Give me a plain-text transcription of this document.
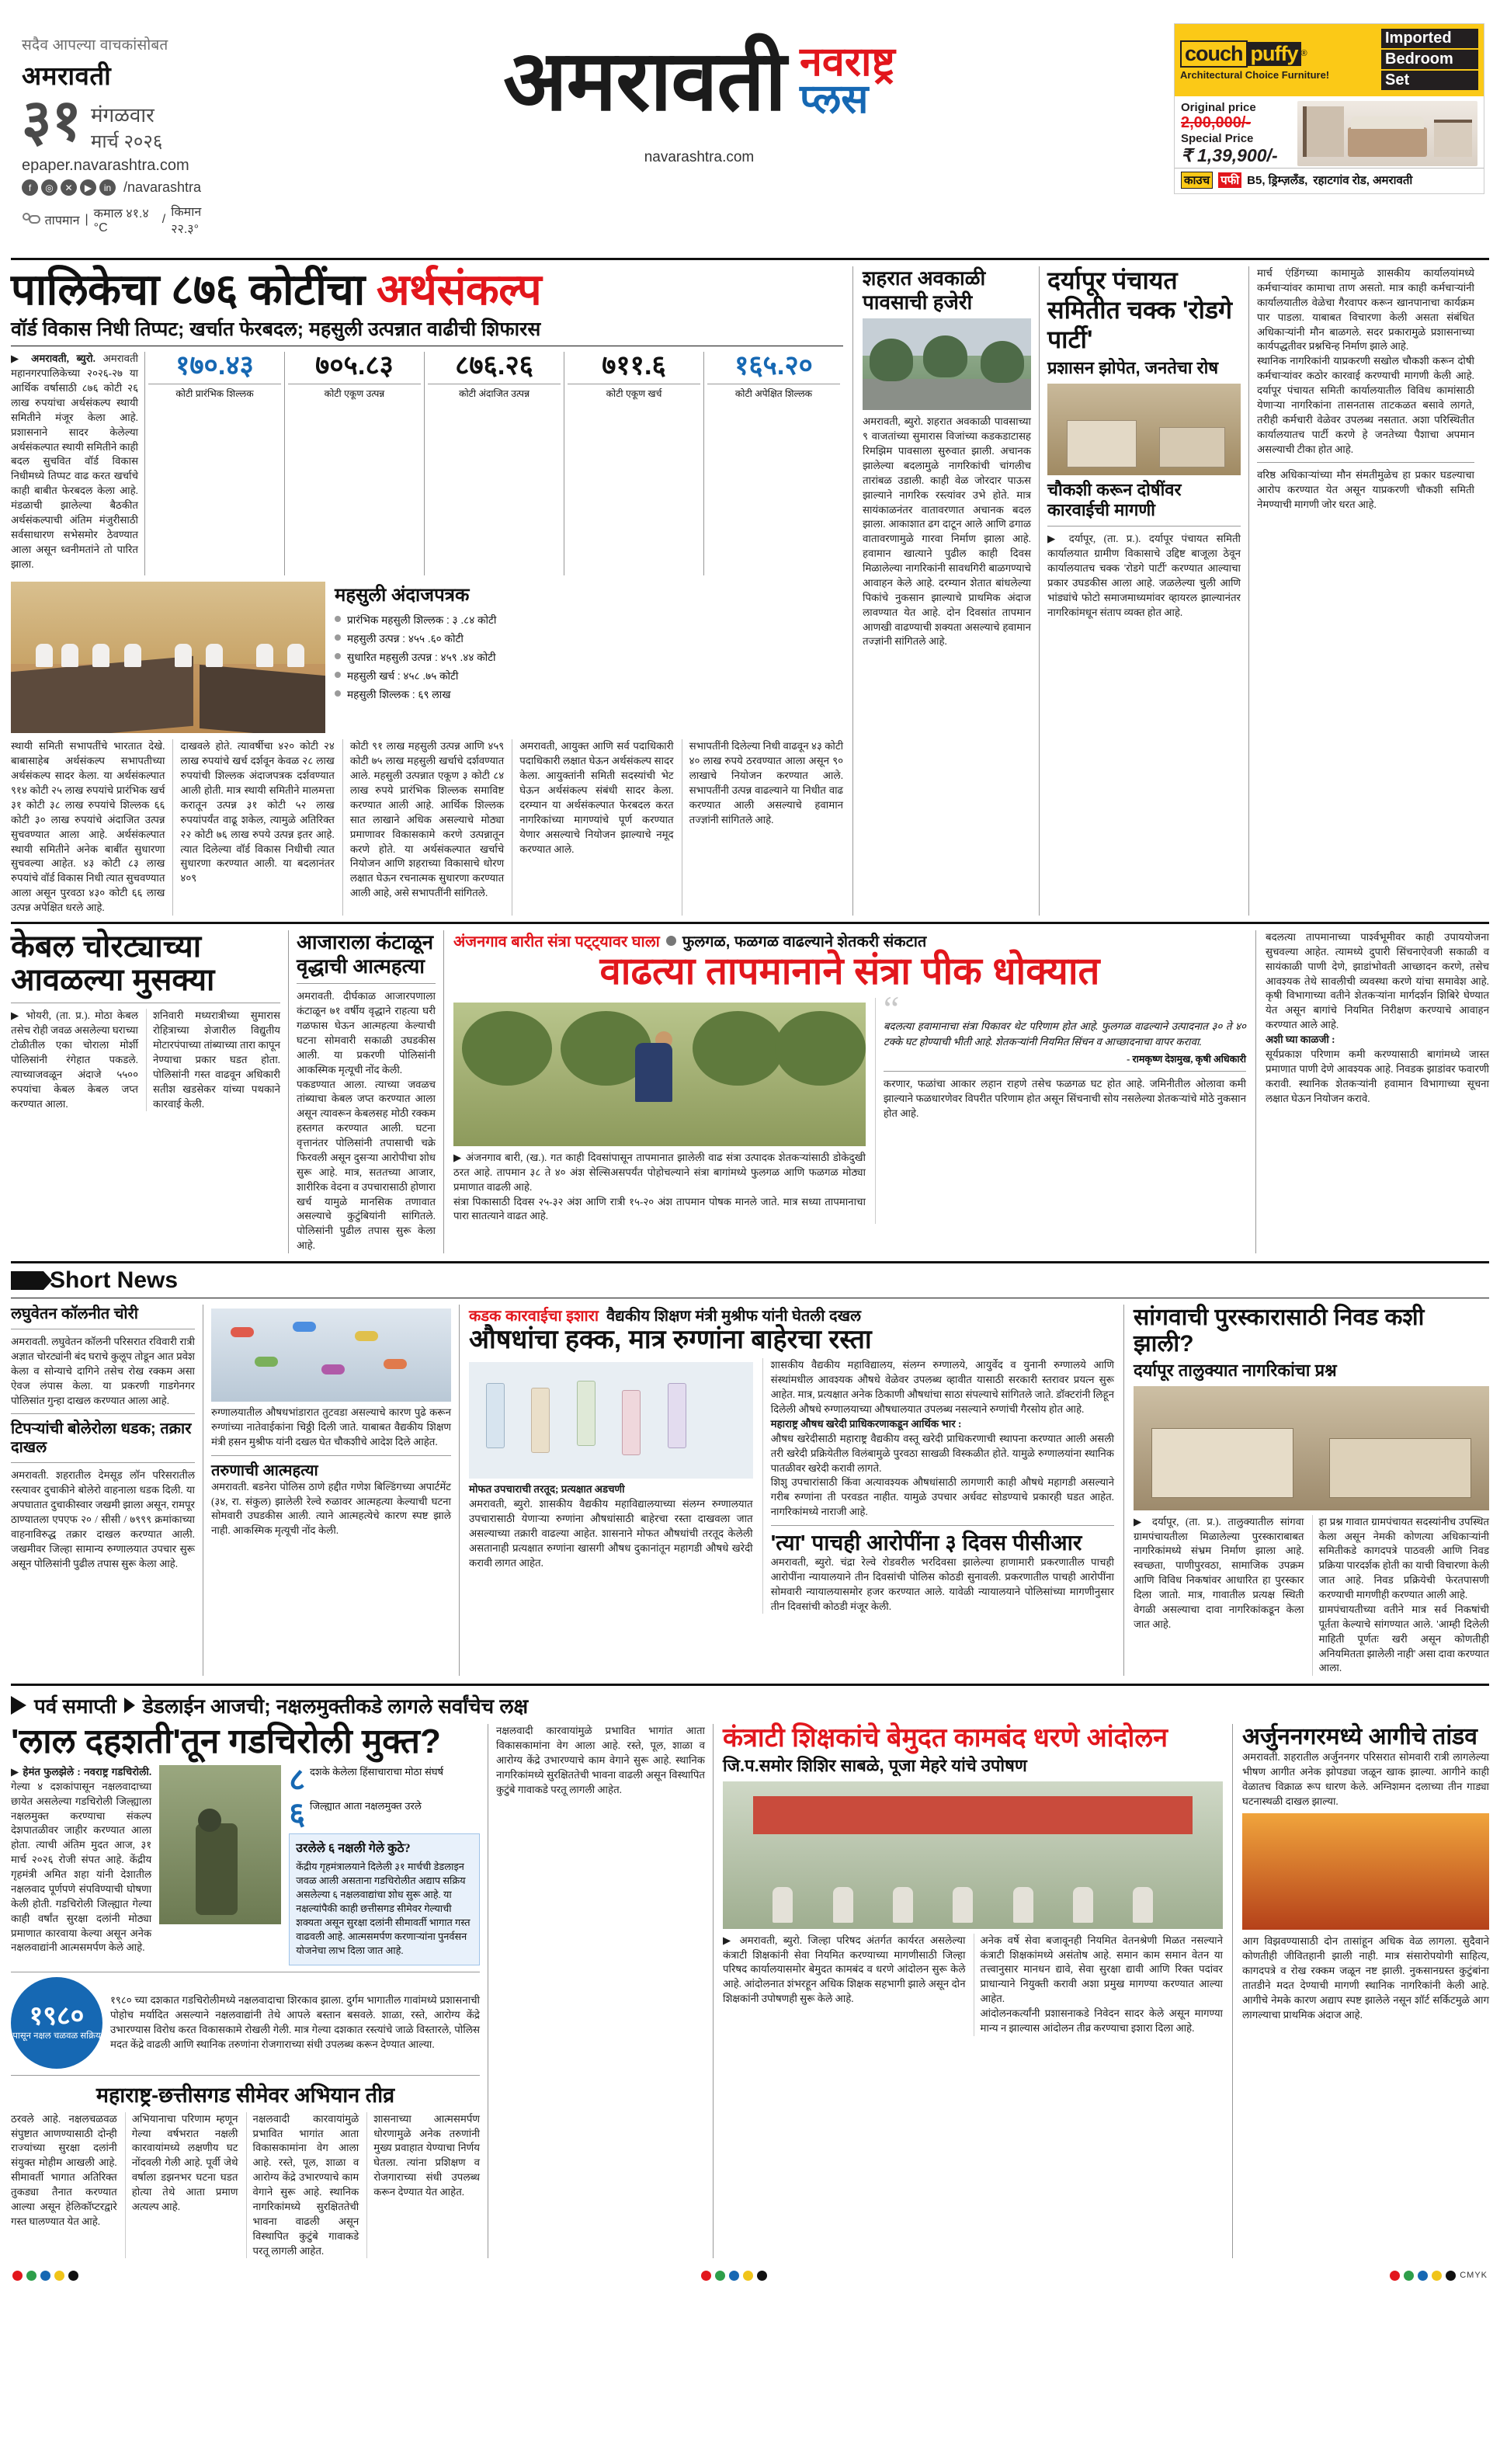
सदैव आपल्या वाचकांसोबत
अमरावती
३१ मंगळवार
मार्च २०२६
epaper.navarashtra.com
f	◎	✕	▶	in /navarashtra
तापमान | कमाल ४१.४ °C
/
किमान २२.३°
अमरावती नवराष्ट्र
प्लस
navarashtra.com
couch puffy ®
Architectural Choice Furniture!
Imported
Bedroom
Set
Original price
2,00,000/-
Special Price
₹ 1,39,900/-
काउच पफी B5, ड्रिम्ज़लँड, रहाटगांव रोड, अमरावती
पालिकेचा ८७६ कोटींचा अर्थसंकल्प
वॉर्ड विकास निधी तिप्पट; खर्चात फेरबदल; महसुली उत्पन्नात वाढीची शिफारस

▶ अमरावती, ब्युरो. अमरावती महानगरपालिकेच्या २०२६-२७ या आर्थिक वर्षासाठी ८७६ कोटी २६ लाख रुपयांचा अर्थसंकल्प स्थायी समितीने मंजूर केला आहे. प्रशासनाने सादर केलेल्या अर्थसंकल्पात स्थायी समितीने काही बदल सुचवित वॉर्ड विकास निधीमध्ये तिप्पट वाढ करत खर्चाचे काही बाबीत फेरबदल केला आहे. मंडळाची झालेल्या बैठकीत अर्थसंकल्पाची अंतिम मंजुरीसाठी सर्वसाधारण सभेसमोर ठेवण्यात आला असून ध्वनीमतांने तो पारित झाला.

१७०.४३
कोटी प्रारंभिक शिल्लक
७०५.८३
कोटी एकूण उत्पन्न
८७६.२६
कोटी अंदाजित उत्पन्न
७११.६
कोटी एकूण खर्च
१६५.२०
कोटी अपेक्षित शिल्लक
महसुली अंदाजपत्रक
प्रारंभिक महसुली शिल्लक : ३ .८४ कोटी
महसुली उत्पन्न : ४५५ .६० कोटी
सुधारित महसुली उत्पन्न : ४५९ .४४ कोटी
महसुली खर्च : ४५८ .७५ कोटी
महसुली शिल्लक : ६९ लाख
स्थायी समिती सभापतींचे भारतात देखे. बाबासाहेब अर्थसंकल्प सभापतीच्या अर्थसंकल्प सादर केला. या अर्थसंकल्पात ९१४ कोटी २५ लाख रुपयांचे प्रारंभिक खर्च ३१ कोटी ३८ लाख रुपयांचे शिल्लक ६६ कोटी ३० लाख रुपयांचे अंदाजित उत्पन्न सुचवण्यात आला आहे. अर्थसंकल्पात स्थायी समितीने अनेक बाबींत सुधारणा सुचवल्या आहेत. ४३ कोटी ८३ लाख रुपयांचे वॉर्ड विकास निधी त्यात सुचवण्यात आला असून पुरवठा ४३० कोटी ६६ लाख उत्पन्न अपेक्षित धरले आहे.
दाखवले होते. त्यावर्षीचा ४२० कोटी २४ लाख रुपयांचे खर्च दर्शवून केवळ २८ लाख रुपयांची शिल्लक अंदाजपत्रक दर्शवण्यात आली होती. मात्र स्थायी समितीने मालमत्ता करातून उत्पन्न ३१ कोटी ५२ लाख रुपयांपर्यंत वाढू शकेल, त्यामुळे अतिरिक्त २२ कोटी ७६ लाख रुपये उत्पन्न इतर आहे. त्यात दिलेल्या वॉर्ड विकास निधीची त्यात सुधारणा करण्यात आली. या बदलानंतर ४०९
कोटी ९१ लाख महसुली उत्पन्न आणि ४५९ कोटी ७५ लाख महसुली खर्चाचे दर्शवण्यात आले. महसुली उत्पन्नात एकूण ३ कोटी ८४ लाख रुपये प्रारंभिक शिल्लक समाविष्ट करण्यात आली आहे. आर्थिक शिल्लक सात लाखाने अधिक असल्याचे मोठ्या प्रमाणावर विकासकामे करणे उत्पन्नातून करणे होते. या अर्थसंकल्पात खर्चाचे नियोजन आणि शहराच्या विकासाचे धोरण लक्षात घेऊन रचनात्मक सुधारणा करण्यात आली आहे, असे सभापतींनी सांगितले.
अमरावती, आयुक्त आणि सर्व पदाधिकारी पदाधिकारी लक्षात घेऊन अर्थसंकल्प सादर केला. आयुक्तांनी समिती सदस्यांची भेट घेऊन अर्थसंकल्प संबंधी सादर केला. दरम्यान या अर्थसंकल्पात फेरबदल करत नागरिकांच्या मागण्यांचे पूर्ण करण्यात येणार असल्याचे नियोजन झाल्याचे नमूद करण्यात आले.
सभापतींनी दिलेल्या निधी वाढवून ४३ कोटी ४० लाख रुपये ठरवण्यात आला असून ९० लाखाचे नियोजन करण्यात आले. सभापतींनी उत्पन्न वाढल्याने या निधीत वाढ करण्यात आली असल्याचे हवामान तज्ज्ञांनी सांगितले आहे.
शहरात अवकाळी पावसाची हजेरी
अमरावती, ब्युरो. शहरात अवकाळी पावसाच्या ९ वाजतांच्या सुमारास विजांच्या कडकडाटासह रिमझिम पावसाला सुरुवात झाली. अचानक झालेल्या बदलामुळे नागरिकांची चांगलीच तारांबळ उडाली. काही वेळ जोरदार पाऊस झाल्याने नागरिक रस्त्यांवर उभे होते. मात्र सायंकाळनंतर वातावरणात अचानक बदल झाला. आकाशात ढग दाटून आले आणि ढगाळ वातावरणामुळे गारवा निर्माण झाला आहे. हवामान खात्याने पुढील काही दिवस मिळालेल्या नागरिकांनी सावधगिरी बाळगण्याचे आवाहन केले आहे. दरम्यान शेतात बांधलेल्या पिकांचे नुकसान झाल्याचे प्राथमिक अंदाज लावण्यात येत आहे. दोन दिवसांत तापमान आणखी वाढण्याची शक्यता असल्याचे हवामान तज्ज्ञांनी सांगितले आहे.
दर्यापूर पंचायत समितीत चक्क 'रोडगे पार्टी'
प्रशासन झोपेत, जनतेचा रोष
चौकशी करून दोषींवर कारवाईची मागणी
▶ दर्यापूर, (ता. प्र.). दर्यापूर पंचायत समिती कार्यालयात ग्रामीण विकासाचे उद्दिष्ट बाजूला ठेवून कार्यालयातच चक्क 'रोडगे पार्टी' करण्यात आल्याचा प्रकार उघडकीस आला आहे. जळलेल्या चुली आणि भांड्यांचे फोटो समाजमाध्यमांवर व्हायरल झाल्यानंतर नागरिकांमधून संताप व्यक्त होत आहे.
मार्च एंडिंगच्या कामामुळे शासकीय कार्यालयांमध्ये कर्मचाऱ्यांवर कामाचा ताण असतो. मात्र काही कर्मचाऱ्यांनी कार्यालयातील वेळेचा गैरवापर करून खानपानाचा कार्यक्रम पार पाडला. याबाबत विचारणा केली असता संबंधित अधिकाऱ्यांनी मौन बाळगले. सदर प्रकारामुळे प्रशासनाच्या कार्यपद्धतीवर प्रश्नचिन्ह निर्माण झाले आहे.
स्थानिक नागरिकांनी याप्रकरणी सखोल चौकशी करून दोषी कर्मचाऱ्यांवर कठोर कारवाई करण्याची मागणी केली आहे. दर्यापूर पंचायत समिती कार्यालयातील विविध कामांसाठी येणाऱ्या नागरिकांना तासनतास ताटकळत बसावे लागते, तरीही कर्मचारी वेळेवर उपलब्ध नसतात. अशा परिस्थितीत कार्यालयातच पार्टी करणे हे जनतेच्या पैशाचा अपमान असल्याची टीका होत आहे.
वरिष्ठ अधिकाऱ्यांच्या मौन संमतीमुळेच हा प्रकार घडल्याचा आरोप करण्यात येत असून याप्रकरणी चौकशी समिती नेमण्याची मागणी जोर धरत आहे.
केबल चोरट्याच्या आवळल्या मुसक्या
▶ भोयरी, (ता. प्र.). मोठा केबल तसेच रोही जवळ असलेल्या घराच्या टोळीतील एका चोराला मोर्शी पोलिसांनी रंगेहात पकडले. त्याच्याजवळून अंदाजे ५५०० रुपयांचा केबल केबल जप्त करण्यात आला.
शनिवारी मध्यरात्रीच्या सुमारास रोहित्राच्या शेजारील विद्युतीय मोटारपंपाच्या तांब्याच्या तारा कापून नेण्याचा प्रकार घडत होता. पोलिसांनी गस्त वाढवून अधिकारी सतीश खडसेकर यांच्या पथकाने कारवाई केली.
आजाराला कंटाळून वृद्धाची आत्महत्या
अमरावती. दीर्घकाळ आजारपणाला कंटाळून ७१ वर्षीय वृद्धाने राहत्या घरी गळफास घेऊन आत्महत्या केल्याची घटना सोमवारी सकाळी उघडकीस आली. या प्रकरणी पोलिसांनी आकस्मिक मृत्यूची नोंद केली.
पकडण्यात आला. त्याच्या जवळच तांब्याचा केबल जप्त करण्यात आला असून त्यावरून केबलसह मोठी रक्कम हस्तगत करण्यात आली. घटना वृत्तानंतर पोलिसांनी तपासाची चक्रे फिरवली असून दुसऱ्या आरोपीचा शोध सुरू आहे. मात्र, सततच्या आजार, शारीरिक वेदना व उपचारासाठी होणारा खर्च यामुळे मानसिक तणावात असल्याचे कुटुंबियांनी सांगितले. पोलिसांनी पुढील तपास सुरू केला आहे.
अंजनगाव बारीत संत्रा पट्ट्यावर घाला फुलगळ, फळगळ वाढल्याने शेतकरी संकटात
वाढत्या तापमानाने संत्रा पीक धोक्यात
▶ अंजनगाव बारी, (ख.). गत काही दिवसांपासून तापमानात झालेली वाढ संत्रा उत्पादक शेतकऱ्यांसाठी डोकेदुखी ठरत आहे. तापमान ३८ ते ४० अंश सेल्सिअसपर्यंत पोहोचल्याने संत्रा बागांमध्ये फुलगळ आणि फळगळ मोठ्या प्रमाणात वाढली आहे.
संत्रा पिकासाठी दिवस २५-३२ अंश आणि रात्री १५-२० अंश तापमान पोषक मानले जाते. मात्र सध्या तापमानाचा पारा सातत्याने वाढत आहे.
“
बदलत्या हवामानाचा संत्रा पिकावर थेट परिणाम होत आहे. फुलगळ वाढल्याने उत्पादनात ३० ते ४० टक्के घट होण्याची भीती आहे. शेतकऱ्यांनी नियमित सिंचन व आच्छादनाचा वापर करावा.
- रामकृष्ण देशमुख, कृषी अधिकारी
करणार, फळांचा आकार लहान राहणे तसेच फळगळ घट होत आहे. जमिनीतील ओलावा कमी झाल्याने फळधारणेवर विपरीत परिणाम होत असून सिंचनाची सोय नसलेल्या शेतकऱ्यांचे मोठे नुकसान होत आहे.
बदलत्या तापमानाच्या पार्श्वभूमीवर काही उपाययोजना सुचवल्या आहेत. त्यामध्ये दुपारी सिंचनाऐवजी सकाळी व सायंकाळी पाणी देणे, झाडांभोवती आच्छादन करणे, तसेच आवश्यक तेथे सावलीची व्यवस्था करणे यांचा समावेश आहे. कृषी विभागाच्या वतीने शेतकऱ्यांना मार्गदर्शन शिबिरे घेण्यात येत असून बागांचे नियमित निरीक्षण करण्याचे आवाहन करण्यात आले आहे.
अशी घ्या काळजी :
सूर्यप्रकाश परिणाम कमी करण्यासाठी बागांमध्ये जास्त प्रमाणात पाणी देणे आवश्यक आहे. निवडक झाडांवर फवारणी करावी. स्थानिक शेतकऱ्यांनी हवामान विभागाच्या सूचना लक्षात घेऊन नियोजन करावे.
Short News
लघुवेतन कॉलनीत चोरी
अमरावती. लघुवेतन कॉलनी परिसरात रविवारी रात्री अज्ञात चोरट्यांनी बंद घराचे कुलूप तोडून आत प्रवेश केला व सोन्याचे दागिने तसेच रोख रक्कम असा ऐवज लंपास केला. या प्रकरणी गाडगेनगर पोलिसांत गुन्हा दाखल करण्यात आला आहे.
टिपऱ्यांची बोलेरोला धडक; तक्रार दाखल
अमरावती. शहरातील देमसूड लॉन परिसरातील रस्त्यावर दुचाकीने बोलेरो वाहनाला धडक दिली. या अपघातात दुचाकीस्वार जखमी झाला असून, रामपूर ठाण्यातला एपएफ २० / सीसी / ७९९९ क्रमांकाच्या वाहनाविरुद्ध तक्रार दाखल करण्यात आली. जखमीवर जिल्हा सामान्य रुग्णालयात उपचार सुरू असून पोलिसांनी पुढील तपास सुरू केला आहे.
रुग्णालयातील औषधभांडारात तुटवडा असल्याचे कारण पुढे करून रुग्णांच्या नातेवाईकांना चिठ्ठी दिली जाते. याबाबत वैद्यकीय शिक्षण मंत्री हसन मुश्रीफ यांनी दखल घेत चौकशीचे आदेश दिले आहेत.
तरुणाची आत्महत्या
अमरावती. बडनेरा पोलिस ठाणे हद्दीत गणेश बिल्डिंगच्या अपार्टमेंट (३४, रा. संकुल) झालेली रेल्वे रुळावर आत्महत्या केल्याची घटना सोमवारी उघडकीस आली. त्याने आत्महत्येचे कारण स्पष्ट झाले नाही. आकस्मिक मृत्यूची नोंद केली.
कडक कारवाईचा इशारा वैद्यकीय शिक्षण मंत्री मुश्रीफ यांनी घेतली दखल
औषधांचा हक्क, मात्र रुग्णांना बाहेरचा रस्ता
मोफत उपचाराची तरतूद; प्रत्यक्षात अडचणी
अमरावती, ब्युरो. शासकीय वैद्यकीय महाविद्यालयाच्या संलग्न रुग्णालयात उपचारासाठी येणाऱ्या रुग्णांना औषधांसाठी बाहेरचा रस्ता दाखवला जात असल्याच्या तक्रारी वाढल्या आहेत. शासनाने मोफत औषधांची तरतूद केलेली असतानाही प्रत्यक्षात रुग्णांना खासगी औषध दुकानांतून महागडी औषधे खरेदी करावी लागत आहेत.
शासकीय वैद्यकीय महाविद्यालय, संलग्न रुग्णालये, आयुर्वेद व युनानी रुग्णालये आणि संस्थांमधील आवश्यक औषधे वेळेवर उपलब्ध व्हावीत यासाठी सरकारी स्तरावर प्रयत्न सुरू आहेत. मात्र, प्रत्यक्षात अनेक ठिकाणी औषधांचा साठा संपल्याचे सांगितले जाते. डॉक्टरांनी लिहून दिलेली औषधे रुग्णालयाच्या औषधालयात उपलब्ध नसल्याने रुग्णांची गैरसोय होत आहे.
महाराष्ट्र औषध खरेदी प्राधिकरणाकडून आर्थिक भार :
औषध खरेदीसाठी महाराष्ट्र वैद्यकीय वस्तू खरेदी प्राधिकरणाची स्थापना करण्यात आली असली तरी खरेदी प्रक्रियेतील विलंबामुळे पुरवठा साखळी विस्कळीत होते. यामुळे रुग्णालयांना स्थानिक पातळीवर खरेदी करावी लागते.
शिशु उपचारांसाठी किंवा अत्यावश्यक औषधांसाठी लागणारी काही औषधे महागडी असल्याने गरीब रुग्णांना ती परवडत नाहीत. यामुळे उपचार अर्धवट सोडण्याचे प्रकारही घडत आहेत. नागरिकांमध्ये नाराजी आहे.
'त्या' पाचही आरोपींना ३ दिवस पीसीआर
अमरावती, ब्युरो. चंद्रा रेल्वे रोडवरील भरदिवसा झालेल्या हाणामारी प्रकरणातील पाचही आरोपींना न्यायालयाने तीन दिवसांची पोलिस कोठडी सुनावली. प्रकरणातील पाचही आरोपींना सोमवारी न्यायालयासमोर हजर करण्यात आले. यावेळी न्यायालयाने पोलिसांच्या मागणीनुसार तीन दिवसांची कोठडी मंजूर केली.
सांगवाची पुरस्कारासाठी निवड कशी झाली?
दर्यापूर तालुक्यात नागरिकांचा प्रश्न
▶ दर्यापूर, (ता. प्र.). तालुक्यातील सांगवा ग्रामपंचायतीला मिळालेल्या पुरस्काराबाबत नागरिकांमध्ये संभ्रम निर्माण झाला आहे. स्वच्छता, पाणीपुरवठा, सामाजिक उपक्रम आणि विविध निकषांवर आधारित हा पुरस्कार दिला जातो. मात्र, गावातील प्रत्यक्ष स्थिती वेगळी असल्याचा दावा नागरिकांकडून केला जात आहे.
हा प्रश्न गावात ग्रामपंचायत सदस्यांनीच उपस्थित केला असून नेमकी कोणत्या अधिकाऱ्यांनी समितीकडे कागदपत्रे पाठवली आणि निवड प्रक्रिया पारदर्शक होती का याची विचारणा केली जात आहे. निवड प्रक्रियेची फेरतपासणी करण्याची मागणीही करण्यात आली आहे.
ग्रामपंचायतीच्या वतीने मात्र सर्व निकषांची पूर्तता केल्याचे सांगण्यात आले. 'आम्ही दिलेली माहिती पूर्णतः खरी असून कोणतीही अनियमितता झालेली नाही' असा दावा करण्यात आला.
पर्व समाप्ती डेडलाईन आजची; नक्षलमुक्तीकडे लागले सर्वांचेच लक्ष
'लाल दहशती'तून गडचिरोली मुक्त?
▶ हेमंत फुलझेले : नवराष्ट्र गडचिरोली. गेल्या ४ दशकांपासून नक्षलवादाच्या छायेत असलेल्या गडचिरोली जिल्ह्याला नक्षलमुक्त करण्याचा संकल्प देशपातळीवर जाहीर करण्यात आला होता. त्याची अंतिम मुदत आज, ३१ मार्च २०२६ रोजी संपत आहे. केंद्रीय गृहमंत्री अमित शहा यांनी देशातील नक्षलवाद पूर्णपणे संपविण्याची घोषणा केली होती. गडचिरोली जिल्ह्यात गेल्या काही वर्षांत सुरक्षा दलांनी मोठ्या प्रमाणात कारवाया केल्या असून अनेक नक्षलवाद्यांनी आत्मसमर्पण केले आहे.
८ दशके केलेला हिंसाचाराचा मोठा संघर्ष
६ जिल्ह्यात आता नक्षलमुक्त उरले
उरलेले ६ नक्षली गेले कुठे?
केंद्रीय गृहमंत्रालयाने दिलेली ३१ मार्चची डेडलाइन जवळ आली असताना गडचिरोलीत अद्याप सक्रिय असलेल्या ६ नक्षलवाद्यांचा शोध सुरू आहे. या नक्षल्यांपैकी काही छत्तीसगड सीमेवर गेल्याची शक्यता असून सुरक्षा दलांनी सीमावर्ती भागात गस्त वाढवली आहे. आत्मसमर्पण करणाऱ्यांना पुनर्वसन योजनेचा लाभ दिला जात आहे.
१९८०
पासून नक्षल चळवळ सक्रिय
१९८० च्या दशकात गडचिरोलीमध्ये नक्षलवादाचा शिरकाव झाला. दुर्गम भागातील गावांमध्ये प्रशासनाची पोहोच मर्यादित असल्याने नक्षलवाद्यांनी तेथे आपले बस्तान बसवले. शाळा, रस्ते, आरोग्य केंद्रे उभारण्यास विरोध करत विकासकामे रोखली गेली. मात्र गेल्या दशकात रस्त्यांचे जाळे विस्तारले, पोलिस मदत केंद्रे वाढली आणि स्थानिक तरुणांना रोजगाराच्या संधी उपलब्ध करून देण्यात आल्या.
महाराष्ट्र-छत्तीसगड सीमेवर अभियान तीव्र
ठरवले आहे. नक्षलचळवळ संपुष्टात आणण्यासाठी दोन्ही राज्यांच्या सुरक्षा दलांनी संयुक्त मोहीम आखली आहे. सीमावर्ती भागात अतिरिक्त तुकड्या तैनात करण्यात आल्या असून हेलिकॉप्टरद्वारे गस्त घालण्यात येत आहे.
अभियानाचा परिणाम म्हणून गेल्या वर्षभरात नक्षली कारवायांमध्ये लक्षणीय घट नोंदवली गेली आहे. पूर्वी जेथे वर्षाला डझनभर घटना घडत होत्या तेथे आता प्रमाण अत्यल्प आहे.
नक्षलवादी कारवायांमुळे प्रभावित भागांत आता विकासकामांना वेग आला आहे. रस्ते, पूल, शाळा व आरोग्य केंद्रे उभारण्याचे काम वेगाने सुरू आहे. स्थानिक नागरिकांमध्ये सुरक्षिततेची भावना वाढली असून विस्थापित कुटुंबे गावाकडे परतू लागली आहेत.
शासनाच्या आत्मसमर्पण धोरणामुळे अनेक तरुणांनी मुख्य प्रवाहात येण्याचा निर्णय घेतला. त्यांना प्रशिक्षण व रोजगाराच्या संधी उपलब्ध करून देण्यात येत आहेत.
नक्षलवादी कारवायांमुळे प्रभावित भागांत आता विकासकामांना वेग आला आहे. रस्ते, पूल, शाळा व आरोग्य केंद्रे उभारण्याचे काम वेगाने सुरू आहे. स्थानिक नागरिकांमध्ये सुरक्षिततेची भावना वाढली असून विस्थापित कुटुंबे गावाकडे परतू लागली आहेत.
कंत्राटी शिक्षकांचे बेमुदत कामबंद धरणे आंदोलन
जि.प.समोर शिशिर साबळे, पूजा मेहरे यांचे उपोषण
▶ अमरावती, ब्युरो. जिल्हा परिषद अंतर्गत कार्यरत असलेल्या कंत्राटी शिक्षकांनी सेवा नियमित करण्याच्या मागणीसाठी जिल्हा परिषद कार्यालयासमोर बेमुदत कामबंद व धरणे आंदोलन सुरू केले आहे. आंदोलनात शंभरहून अधिक शिक्षक सहभागी झाले असून दोन शिक्षकांनी उपोषणही सुरू केले आहे.
अनेक वर्षे सेवा बजावूनही नियमित वेतनश्रेणी मिळत नसल्याने कंत्राटी शिक्षकांमध्ये असंतोष आहे. समान काम समान वेतन या तत्त्वानुसार मानधन द्यावे, सेवा सुरक्षा द्यावी आणि रिक्त पदांवर प्राधान्याने नियुक्ती करावी अशा प्रमुख मागण्या करण्यात आल्या आहेत.
आंदोलनकर्त्यांनी प्रशासनाकडे निवेदन सादर केले असून मागण्या मान्य न झाल्यास आंदोलन तीव्र करण्याचा इशारा दिला आहे.
अर्जुननगरमध्ये आगीचे तांडव
अमरावती. शहरातील अर्जुननगर परिसरात सोमवारी रात्री लागलेल्या भीषण आगीत अनेक झोपड्या जळून खाक झाल्या. आगीने काही वेळातच विक्राळ रूप धारण केले. अग्निशमन दलाच्या तीन गाड्या घटनास्थळी दाखल झाल्या.
आग विझवण्यासाठी दोन तासांहून अधिक वेळ लागला. सुदैवाने कोणतीही जीवितहानी झाली नाही. मात्र संसारोपयोगी साहित्य, कागदपत्रे व रोख रक्कम जळून नष्ट झाली. नुकसानग्रस्त कुटुंबांना तातडीने मदत देण्याची मागणी स्थानिक नागरिकांनी केली आहे. आगीचे नेमके कारण अद्याप स्पष्ट झालेले नसून शॉर्ट सर्किटमुळे आग लागल्याचा प्राथमिक अंदाज आहे.
CMYK
